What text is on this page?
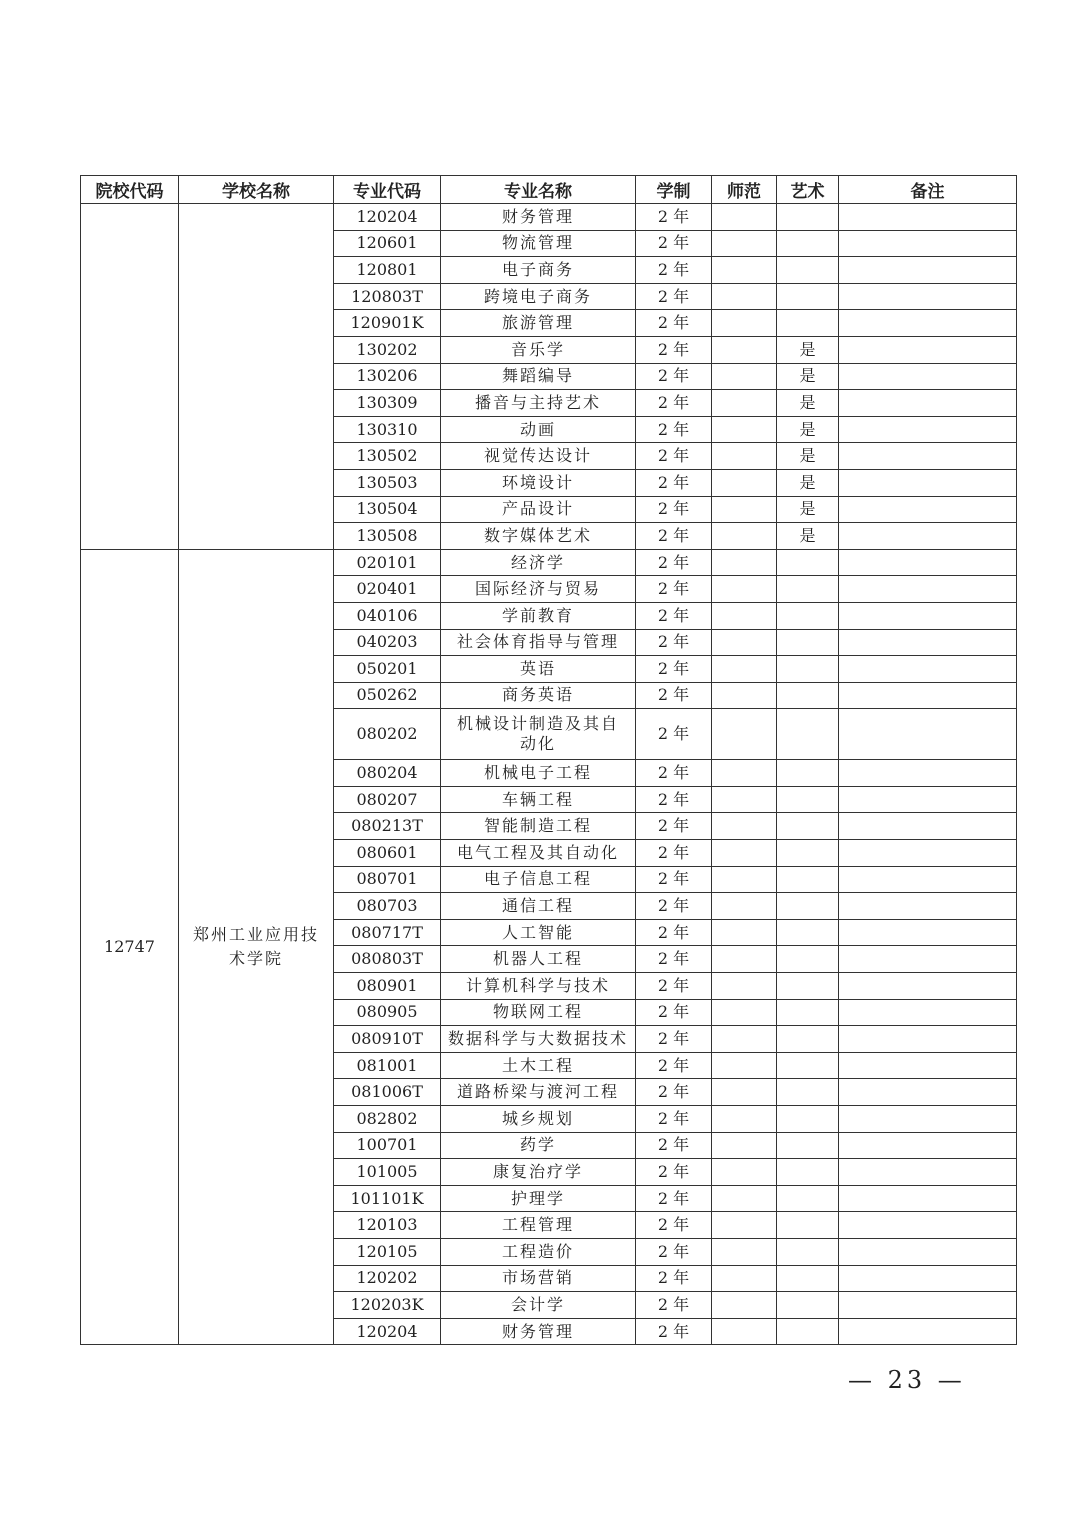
院校代码	学校名称	专业代码	专业名称	学制	师范	艺术	备注
		120204	财务管理	2 年			
		120601	物流管理	2 年			
		120801	电子商务	2 年			
		120803T	跨境电子商务	2 年			
		120901K	旅游管理	2 年			
		130202	音乐学	2 年		是	
		130206	舞蹈编导	2 年		是	
		130309	播音与主持艺术	2 年		是	
		130310	动画	2 年		是	
		130502	视觉传达设计	2 年		是	
		130503	环境设计	2 年		是	
		130504	产品设计	2 年		是	
		130508	数字媒体艺术	2 年		是	
12747	郑州工业应用技术学院	020101	经济学	2 年			
		020401	国际经济与贸易	2 年			
		040106	学前教育	2 年			
		040203	社会体育指导与管理	2 年			
		050201	英语	2 年			
		050262	商务英语	2 年			
		080202	机械设计制造及其自动化	2 年			
		080204	机械电子工程	2 年			
		080207	车辆工程	2 年			
		080213T	智能制造工程	2 年			
		080601	电气工程及其自动化	2 年			
		080701	电子信息工程	2 年			
		080703	通信工程	2 年			
		080717T	人工智能	2 年			
		080803T	机器人工程	2 年			
		080901	计算机科学与技术	2 年			
		080905	物联网工程	2 年			
		080910T	数据科学与大数据技术	2 年			
		081001	土木工程	2 年			
		081006T	道路桥梁与渡河工程	2 年			
		082802	城乡规划	2 年			
		100701	药学	2 年			
		101005	康复治疗学	2 年			
		101101K	护理学	2 年			
		120103	工程管理	2 年			
		120105	工程造价	2 年			
		120202	市场营销	2 年			
		120203K	会计学	2 年			
		120204	财务管理	2 年			
— 23 —
